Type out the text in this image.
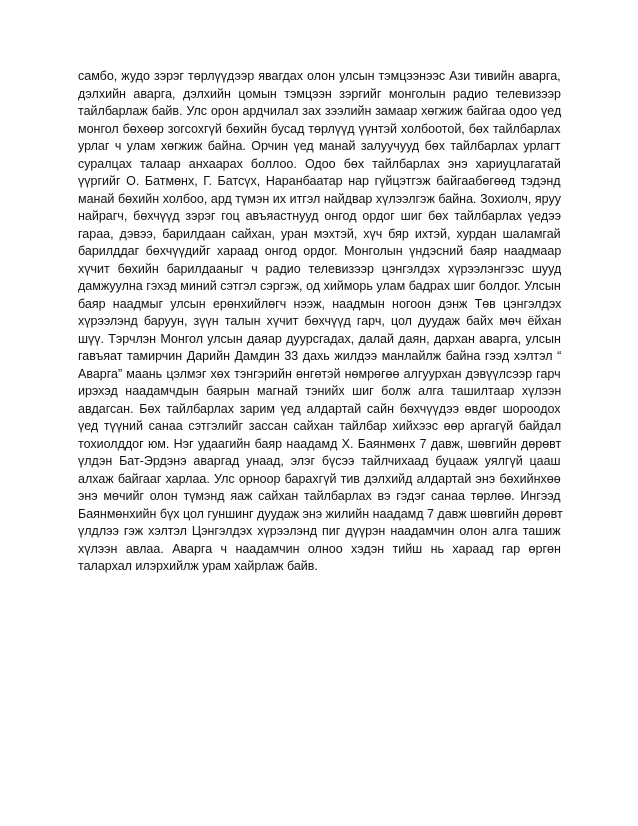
самбо, жудо зэрэг төрлүүдээр явагдах олон улсын тэмцээнээс Ази тивийн аварга,
дэлхийн аварга, дэлхийн цомын тэмцээн зэргийг монголын радио телевизээр
тайлбарлаж байв. Улс орон ардчилал зах зээлийн замаар хөгжиж байгаа одоо үед
монгол бөхөөр зогсохгүй бөхийн бусад төрлүүд үүнтэй холбоотой, бөх тайлбарлах
урлаг ч улам хөгжиж байна. Орчин үед манай залуучууд бөх тайлбарлах урлагт
суралцах талаар анхаарах боллоо. Одоо бөх тайлбарлах энэ хариуцлагатай
үүргийг О. Батмөнх, Г. Батсүх, Наранбаатар нар гүйцэтгэж байгаабөгөөд тэдэнд
манай бөхийн холбоо, ард түмэн их итгэл найдвар хүлээлгэж байна. Зохиолч, яруу
найрагч, бөхчүүд зэрэг гоц авъяастнууд онгод ордог шиг бөх тайлбарлах үедээ
гараа, дэвээ, барилдаан сайхан, уран мэхтэй, хүч бяр ихтэй, хурдан шаламгай
барилддаг бөхчүүдийг хараад онгод ордог. Монголын үндэсний баяр наадмаар
хүчит бөхийн барилдааныг ч радио телевизээр цэнгэлдэх хүрээлэнгээс шууд
дамжуулна гэхэд миний сэтгэл сэргэж, од хийморь улам бадрах шиг болдог. Улсын
баяр наадмыг улсын ерөнхийлөгч нээж, наадмын ногоон дэнж Төв цэнгэлдэх
хүрээлэнд баруун, зүүн талын хүчит бөхчүүд гарч, цол дуудаж байх мөч ёйхан
шүү. Тэрчлэн Монгол улсын даяар дуурсгадах, далай даян, дархан аварга, улсын
гавъяат тамирчин Дарийн Дамдин 33 дахь жилдээ манлайлж байна гээд хэлтэл “
Аварга” маань цэлмэг хөх тэнгэрийн өнгөтэй нөмрөгөө алгуурхан дэвүүлсээр гарч
ирэхэд наадамчдын баярын магнай тэнийх шиг болж алга ташилтаар хүлээн
авдагсан. Бөх тайлбарлах зарим үед алдартай сайн бөхчүүдээ өвдөг шороодох
үед түүний санаа сэтгэлийг зассан сайхан тайлбар хийхээс өөр аргагүй байдал
тохиолддог юм. Нэг удаагийн баяр наадамд Х. Баянмөнх 7 давж, шөвгийн дөрөвт
үлдэн Бат-Эрдэнэ аваргад унаад, элэг бүсээ тайлчихаад буцааж уялгүй цааш
алхаж байгааг харлаа. Улс орноор барахгүй тив дэлхийд алдартай энэ бөхийнхөө
энэ мөчийг олон түмэнд яаж сайхан тайлбарлах вэ гэдэг санаа төрлөө. Ингээд
Баянмөнхийн бүх цол гуншинг дуудаж энэ жилийн наадамд 7 давж шөвгийн дөрөвт
үлдлээ гэж хэлтэл Цэнгэлдэх хүрээлэнд пиг дүүрэн наадамчин олон алга ташиж
хүлээн авлаа. Аварга ч наадамчин олноо хэдэн тийш нь хараад гар өргөн
талархал илэрхийлж урам хайрлаж байв.
